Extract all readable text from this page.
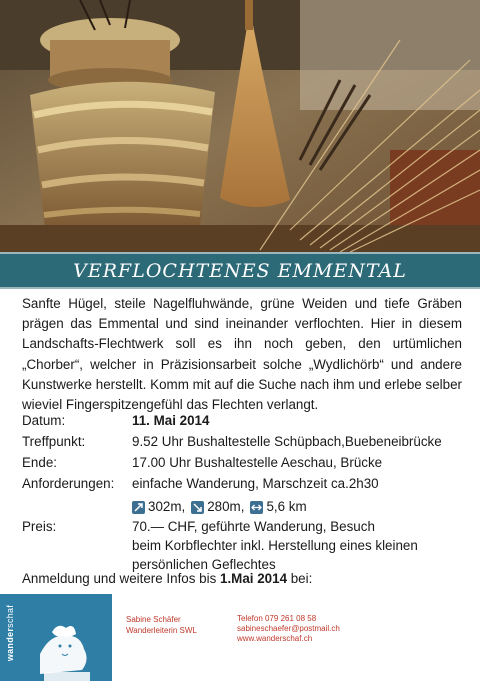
VERFLOCHTENES EMMENTAL

Sanfte Hügel, steile Nagelfluhwände, grüne Weiden und tiefe Gräben prägen das Emmental und sind ineinander verflochten. Hier in diesem Landschafts-Flechtwerk soll es ihn noch geben, den urtümlichen „Chorber“, welcher in Präzisionsarbeit solche „Wydlichörb“ und andere Kunstwerke herstellt. Komm mit auf die Suche nach ihm und erlebe selber wieviel Fingerspitzengefühl das Flechten verlangt.

Datum:	11. Mai 2014
Treffpunkt:	9.52 Uhr Bushaltestelle Schüpbach,Buebeneibrücke
Ende:	17.00 Uhr Bushaltestelle Aeschau, Brücke
Anforderungen: einfache Wanderung, Marschzeit ca.2h30
302m, 280m, 5,6 km
Preis:	70.— CHF, geführte Wanderung, Besuch
beim Korbflechter inkl. Herstellung eines kleinen
persönlichen Geflechtes
Anmeldung und weitere Infos bis 1.Mai 2014 bei:
wanderschaf	Sabine Schäfer
Wanderleiterin SWL
Telefon 079 261 08 58
sabineschaefer@postmail.ch
www.wanderschaf.ch
